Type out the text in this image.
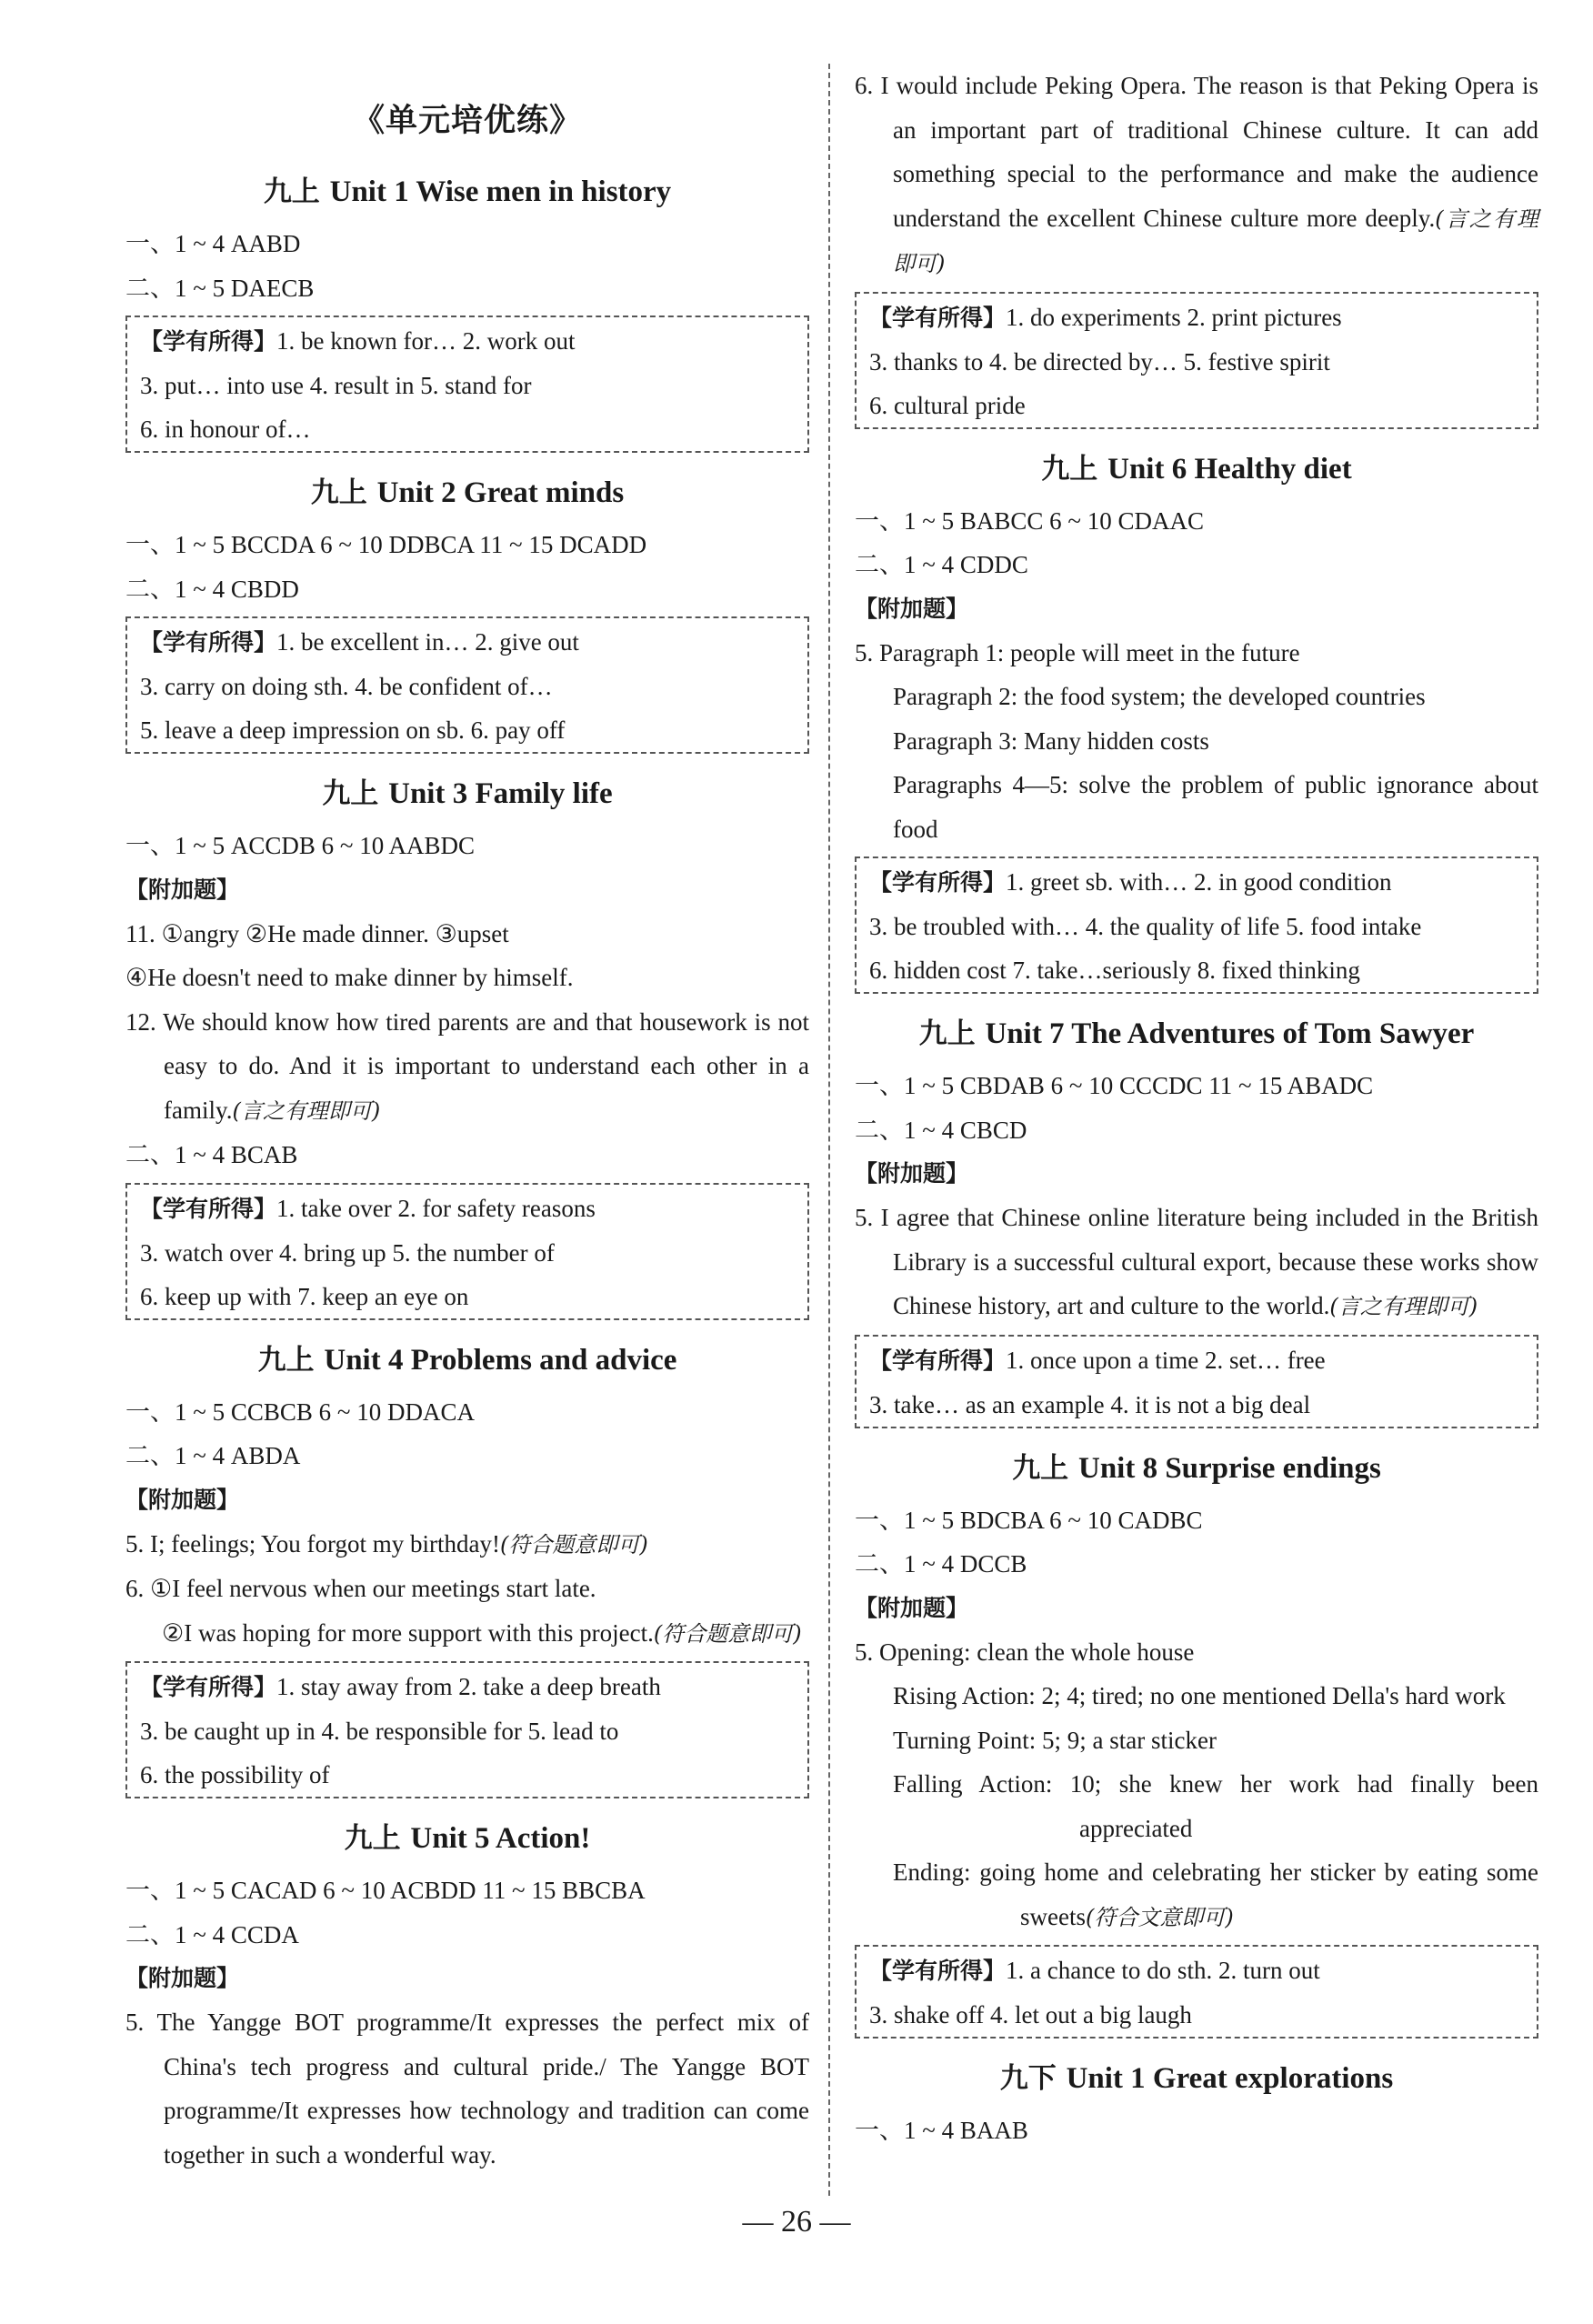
《单元培优练》
九上 Unit 1 Wise men in history
一、1 ~ 4 AABD
二、1 ~ 5 DAECB
【学有所得】1. be known for… 2. work out
3. put… into use 4. result in 5. stand for
6. in honour of…
九上 Unit 2 Great minds
一、1 ~ 5 BCCDA 6 ~ 10 DDBCA 11 ~ 15 DCADD
二、1 ~ 4 CBDD
【学有所得】1. be excellent in… 2. give out
3. carry on doing sth. 4. be confident of…
5. leave a deep impression on sb. 6. pay off
九上 Unit 3 Family life
一、1 ~ 5 ACCDB 6 ~ 10 AABDC
【附加题】
11. ①angry ②He made dinner. ③upset
④He doesn't need to make dinner by himself.
12. We should know how tired parents are and that housework is not easy to do. And it is important to understand each other in a family.(言之有理即可)
二、1 ~ 4 BCAB
【学有所得】1. take over 2. for safety reasons
3. watch over 4. bring up 5. the number of
6. keep up with 7. keep an eye on
九上 Unit 4 Problems and advice
一、1 ~ 5 CCBCB 6 ~ 10 DDACA
二、1 ~ 4 ABDA
【附加题】
5. I; feelings; You forgot my birthday!(符合题意即可)
6. ①I feel nervous when our meetings start late.
②I was hoping for more support with this project.(符合题意即可)
【学有所得】1. stay away from 2. take a deep breath
3. be caught up in 4. be responsible for 5. lead to
6. the possibility of
九上 Unit 5 Action!
一、1 ~ 5 CACAD 6 ~ 10 ACBDD 11 ~ 15 BBCBA
二、1 ~ 4 CCDA
【附加题】
5. The Yangge BOT programme/It expresses the perfect mix of China's tech progress and cultural pride./ The Yangge BOT programme/It expresses how technology and tradition can come together in such a wonderful way.
6. I would include Peking Opera. The reason is that Peking Opera is an important part of traditional Chinese culture. It can add something special to the performance and make the audience understand the excellent Chinese culture more deeply.(言之有理即可)
【学有所得】1. do experiments 2. print pictures
3. thanks to 4. be directed by… 5. festive spirit
6. cultural pride
九上 Unit 6 Healthy diet
一、1 ~ 5 BABCC 6 ~ 10 CDAAC
二、1 ~ 4 CDDC
【附加题】
5. Paragraph 1: people will meet in the future
Paragraph 2: the food system; the developed countries
Paragraph 3: Many hidden costs
Paragraphs 4—5: solve the problem of public ignorance about food
【学有所得】1. greet sb. with… 2. in good condition
3. be troubled with… 4. the quality of life 5. food intake
6. hidden cost 7. take…seriously 8. fixed thinking
九上 Unit 7 The Adventures of Tom Sawyer
一、1 ~ 5 CBDAB 6 ~ 10 CCCDC 11 ~ 15 ABADC
二、1 ~ 4 CBCD
【附加题】
5. I agree that Chinese online literature being included in the British Library is a successful cultural export, because these works show Chinese history, art and culture to the world.(言之有理即可)
【学有所得】1. once upon a time 2. set… free
3. take… as an example 4. it is not a big deal
九上 Unit 8 Surprise endings
一、1 ~ 5 BDCBA 6 ~ 10 CADBC
二、1 ~ 4 DCCB
【附加题】
5. Opening: clean the whole house
Rising Action: 2; 4; tired; no one mentioned Della's hard work
Turning Point: 5; 9; a star sticker
Falling Action: 10; she knew her work had finally been appreciated
Ending: going home and celebrating her sticker by eating some sweets(符合文意即可)
【学有所得】1. a chance to do sth. 2. turn out
3. shake off 4. let out a big laugh
九下 Unit 1 Great explorations
一、1 ~ 4 BAAB
— 26 —
